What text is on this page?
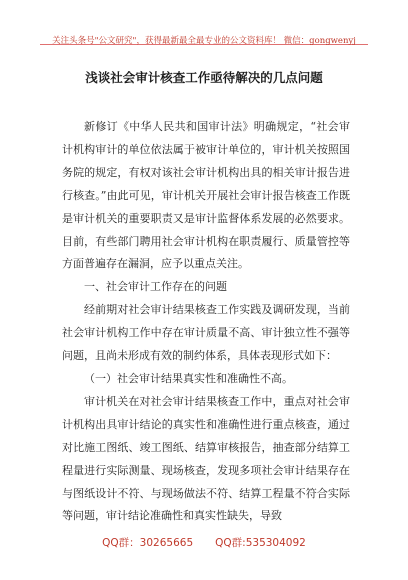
关注头条号"公文研究"，获得最新最全最专业的公文资料库！ 微信：gongwenyj
浅谈社会审计核查工作亟待解决的几点问题

新修订《中华人民共和国审计法》明确规定，“社会审计机构审计的单位依法属于被审计单位的，审计机关按照国务院的规定，有权对该社会审计机构出具的相关审计报告进行核查。”由此可见，审计机关开展社会审计报告核查工作既是审计机关的重要职责又是审计监督体系发展的必然要求。目前，有些部门聘用社会审计机构在职责履行、质量管控等方面普遍存在漏洞，应予以重点关注。

一、社会审计工作存在的问题

经前期对社会审计结果核查工作实践及调研发现，当前社会审计机构工作中存在审计质量不高、审计独立性不强等问题，且尚未形成有效的制约体系，具体表现形式如下：

（一）社会审计结果真实性和准确性不高。

审计机关在对社会审计结果核查工作中，重点对社会审计机构出具审计结论的真实性和准确性进行重点核查，通过对比施工图纸、竣工图纸、结算审核报告，抽查部分结算工程量进行实际测量、现场核查，发现多项社会审计结果存在与图纸设计不符、与现场做法不符、结算工程量不符合实际等问题，审计结论准确性和真实性缺失，导致

QQ群：30265665 QQ群:535304092
